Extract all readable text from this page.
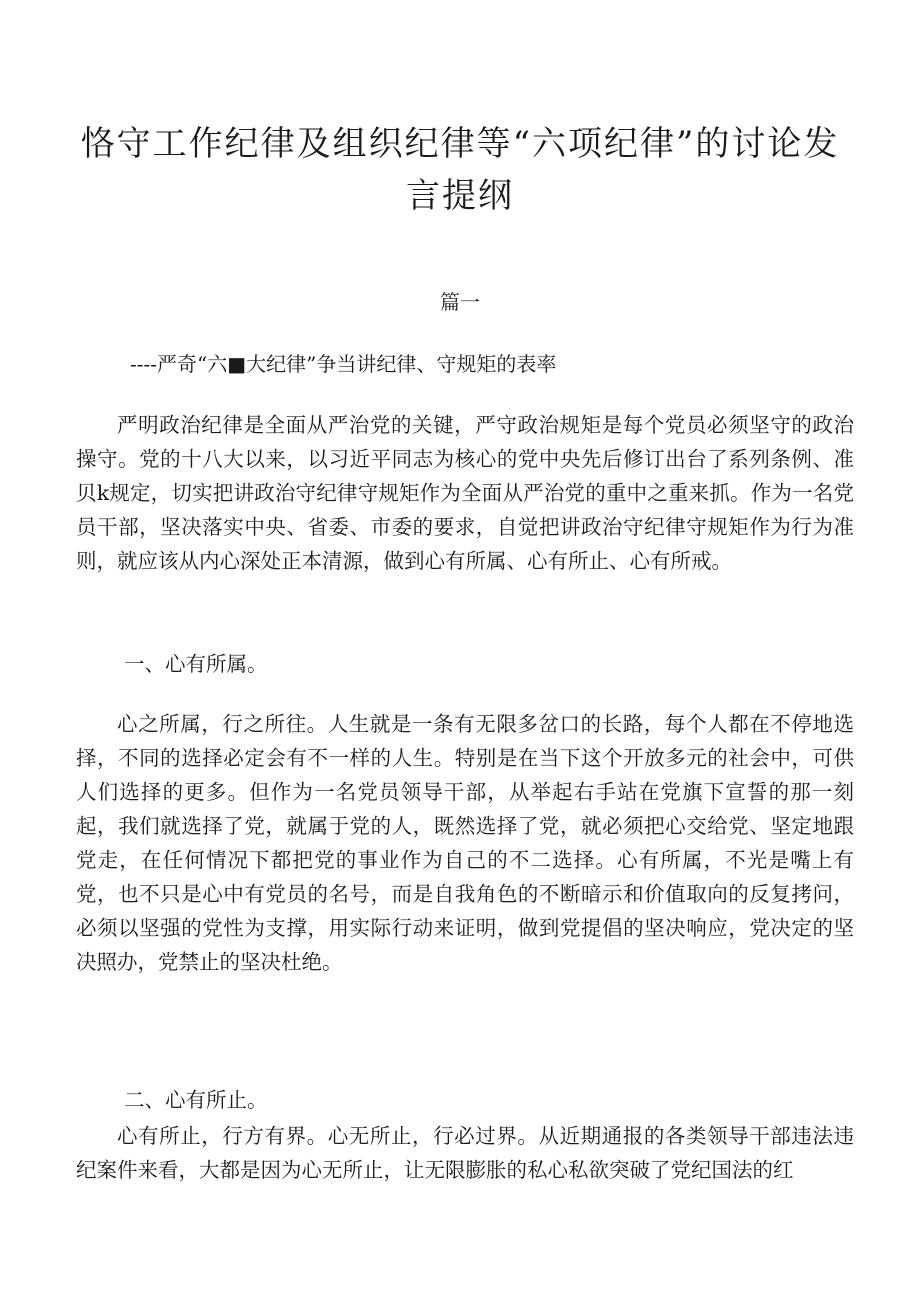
恪守工作纪律及组织纪律等“六项纪律”的讨论发言提纲
篇一
----严奇“六■大纪律”争当讲纪律、守规矩的表率

严明政治纪律是全面从严治党的关键，严守政治规矩是每个党员必须坚守的政治操守。党的十八大以来，以习近平同志为核心的党中央先后修订出台了系列条例、准贝k规定，切实把讲政治守纪律守规矩作为全面从严治党的重中之重来抓。作为一名党员干部，坚决落实中央、省委、市委的要求，自觉把讲政治守纪律守规矩作为行为准则，就应该从内心深处正本清源，做到心有所属、心有所止、心有所戒。

一、心有所属。

心之所属，行之所往。人生就是一条有无限多岔口的长路，每个人都在不停地选择，不同的选择必定会有不一样的人生。特别是在当下这个开放多元的社会中，可供人们选择的更多。但作为一名党员领导干部，从举起右手站在党旗下宣誓的那一刻起，我们就选择了党，就属于党的人，既然选择了党，就必须把心交给党、坚定地跟党走，在任何情况下都把党的事业作为自己的不二选择。心有所属，不光是嘴上有党，也不只是心中有党员的名号，而是自我角色的不断暗示和价值取向的反复拷问，必须以坚强的党性为支撑，用实际行动来证明，做到党提倡的坚决响应，党决定的坚决照办，党禁止的坚决杜绝。

二、心有所止。

心有所止，行方有界。心无所止，行必过界。从近期通报的各类领导干部违法违纪案件来看，大都是因为心无所止，让无限膨胀的私心私欲突破了党纪国法的红
